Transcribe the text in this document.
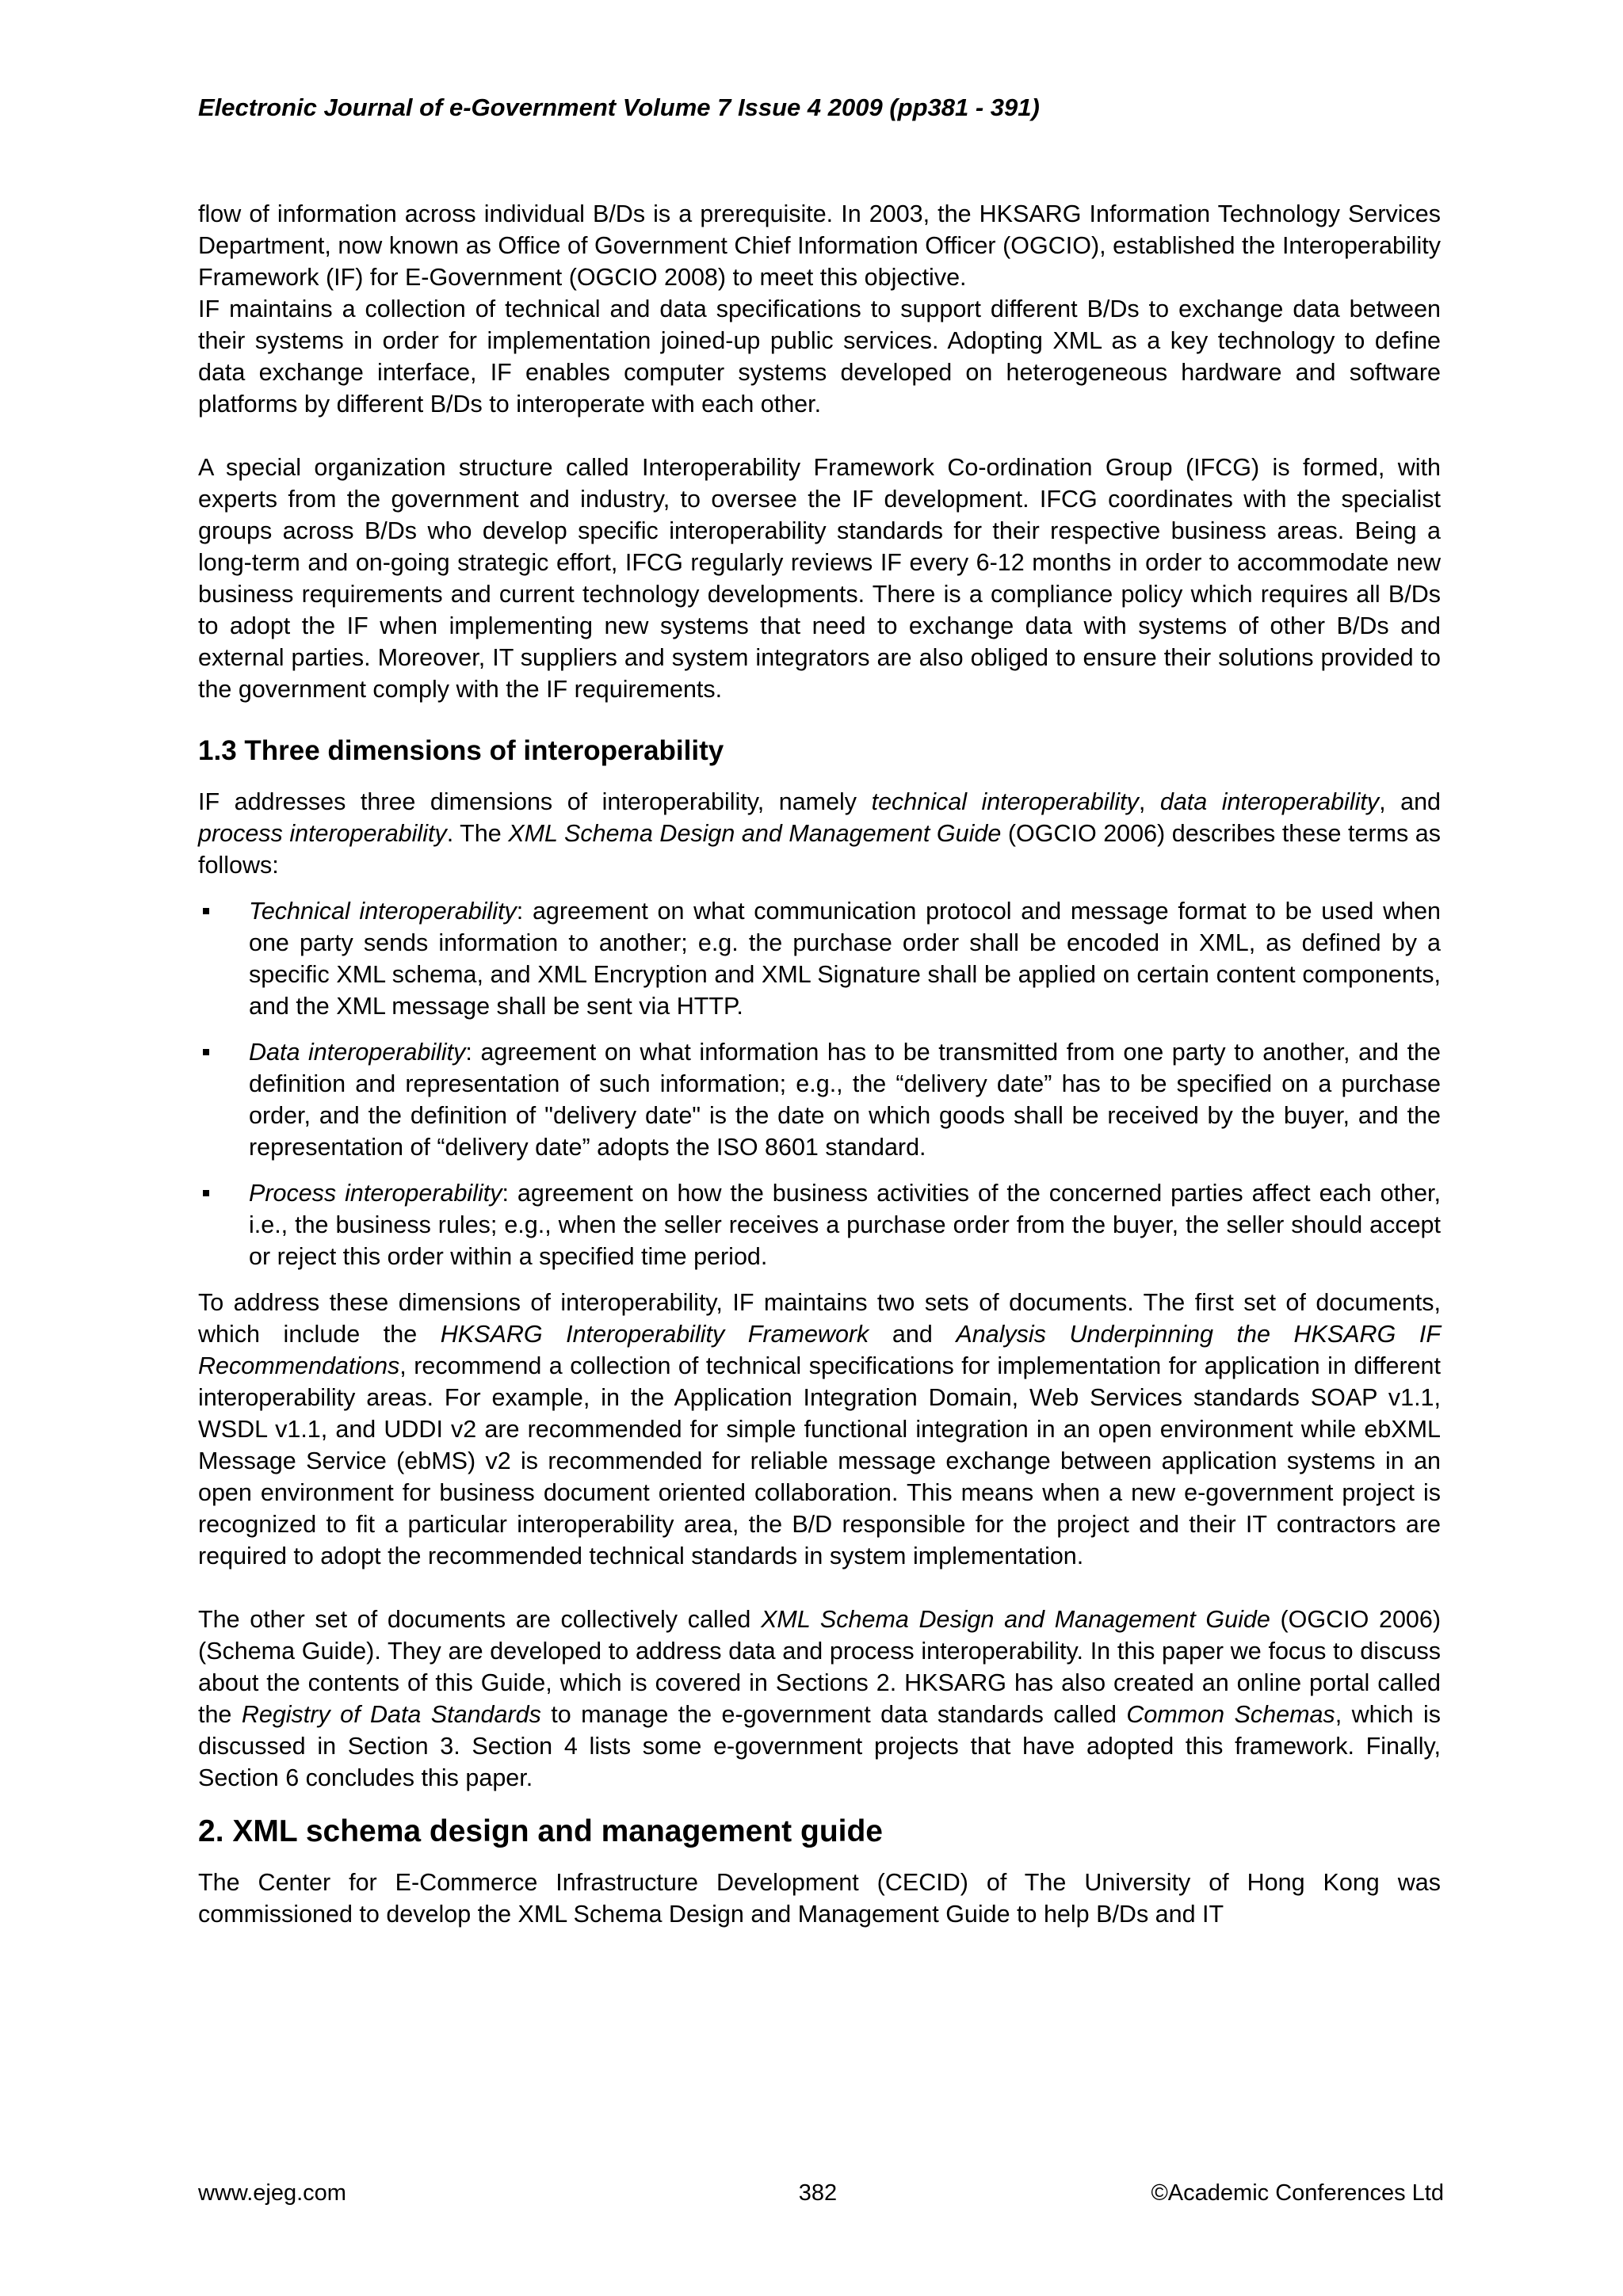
Electronic Journal of e-Government Volume 7 Issue 4 2009 (pp381 - 391)

flow of information across individual B/Ds is a prerequisite. In 2003, the HKSARG Information Technology Services Department, now known as Office of Government Chief Information Officer (OGCIO), established the Interoperability Framework (IF) for E-Government (OGCIO 2008) to meet this objective.

IF maintains a collection of technical and data specifications to support different B/Ds to exchange data between their systems in order for implementation joined-up public services. Adopting XML as a key technology to define data exchange interface, IF enables computer systems developed on heterogeneous hardware and software platforms by different B/Ds to interoperate with each other.

A special organization structure called Interoperability Framework Co-ordination Group (IFCG) is formed, with experts from the government and industry, to oversee the IF development. IFCG coordinates with the specialist groups across B/Ds who develop specific interoperability standards for their respective business areas. Being a long-term and on-going strategic effort, IFCG regularly reviews IF every 6-12 months in order to accommodate new business requirements and current technology developments. There is a compliance policy which requires all B/Ds to adopt the IF when implementing new systems that need to exchange data with systems of other B/Ds and external parties. Moreover, IT suppliers and system integrators are also obliged to ensure their solutions provided to the government comply with the IF requirements.

1.3 Three dimensions of interoperability

IF addresses three dimensions of interoperability, namely technical interoperability, data interoperability, and process interoperability. The XML Schema Design and Management Guide (OGCIO 2006) describes these terms as follows:

Technical interoperability: agreement on what communication protocol and message format to be used when one party sends information to another; e.g. the purchase order shall be encoded in XML, as defined by a specific XML schema, and XML Encryption and XML Signature shall be applied on certain content components, and the XML message shall be sent via HTTP.
Data interoperability: agreement on what information has to be transmitted from one party to another, and the definition and representation of such information; e.g., the “delivery date” has to be specified on a purchase order, and the definition of "delivery date" is the date on which goods shall be received by the buyer, and the representation of “delivery date” adopts the ISO 8601 standard.
Process interoperability: agreement on how the business activities of the concerned parties affect each other, i.e., the business rules; e.g., when the seller receives a purchase order from the buyer, the seller should accept or reject this order within a specified time period.

To address these dimensions of interoperability, IF maintains two sets of documents. The first set of documents, which include the HKSARG Interoperability Framework and Analysis Underpinning the HKSARG IF Recommendations, recommend a collection of technical specifications for implementation for application in different interoperability areas. For example, in the Application Integration Domain, Web Services standards SOAP v1.1, WSDL v1.1, and UDDI v2 are recommended for simple functional integration in an open environment while ebXML Message Service (ebMS) v2 is recommended for reliable message exchange between application systems in an open environment for business document oriented collaboration. This means when a new e-government project is recognized to fit a particular interoperability area, the B/D responsible for the project and their IT contractors are required to adopt the recommended technical standards in system implementation.

The other set of documents are collectively called XML Schema Design and Management Guide (OGCIO 2006) (Schema Guide). They are developed to address data and process interoperability. In this paper we focus to discuss about the contents of this Guide, which is covered in Sections 2. HKSARG has also created an online portal called the Registry of Data Standards to manage the e-government data standards called Common Schemas, which is discussed in Section 3. Section 4 lists some e-government projects that have adopted this framework. Finally, Section 6 concludes this paper.

2. XML schema design and management guide

The Center for E-Commerce Infrastructure Development (CECID) of The University of Hong Kong was commissioned to develop the XML Schema Design and Management Guide to help B/Ds and IT

www.ejeg.com	382	©Academic Conferences Ltd
